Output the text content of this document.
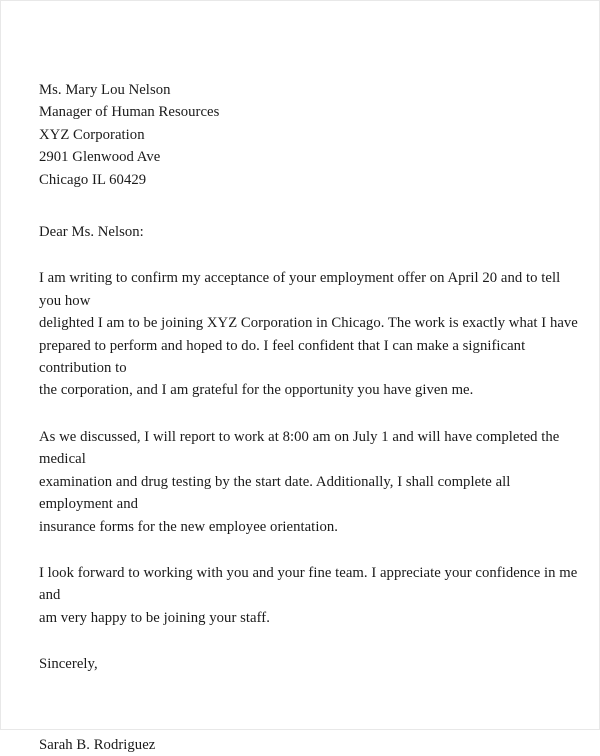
Ms. Mary Lou Nelson
Manager of Human Resources
XYZ Corporation
2901 Glenwood Ave
Chicago IL 60429
Dear Ms. Nelson:
I am writing to confirm my acceptance of your employment offer on April 20 and to tell you how
delighted I am to be joining XYZ Corporation in Chicago. The work is exactly what I have
prepared to perform and hoped to do. I feel confident that I can make a significant contribution to
the corporation, and I am grateful for the opportunity you have given me.
As we discussed, I will report to work at 8:00 am on July 1 and will have completed the medical
examination and drug testing by the start date. Additionally, I shall complete all employment and
insurance forms for the new employee orientation.
I look forward to working with you and your fine team. I appreciate your confidence in me and
am very happy to be joining your staff.
Sincerely,
Sarah B. Rodriguez
